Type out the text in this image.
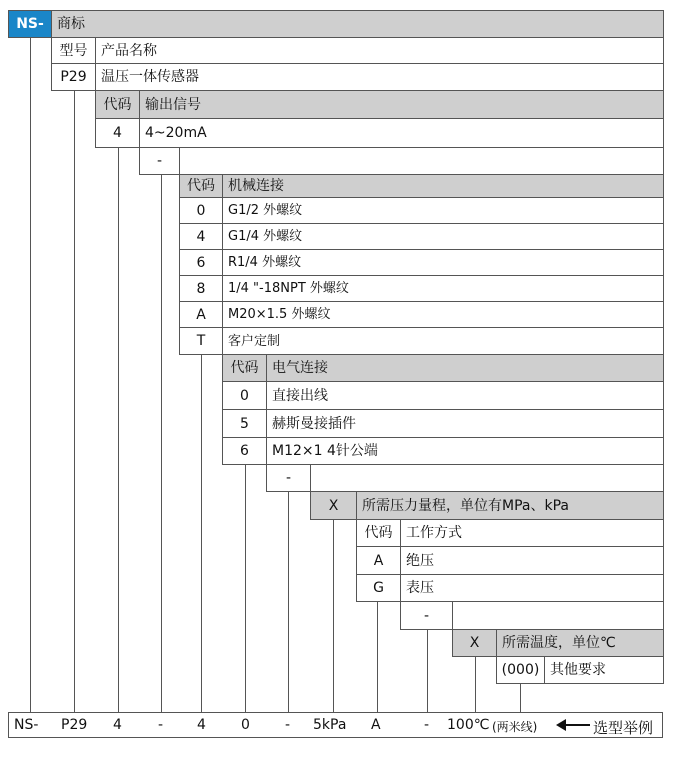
NS- 商标
型号 产品名称
P29	温压一体传感器
代码 输出信号
4	4~20mA
-
代码 机械连接
0	G1/2 外螺纹
4	G1/4 外螺纹
6	R1/4 外螺纹
8	1/4 "-18NPT 外螺纹
A	M20×1.5 外螺纹
T	客户定制
代码 电气连接
0	直接出线
5	赫斯曼接插件
6	M12×1 4针公端
-
X	所需压力量程，单位有MPa、kPa
代码 工作方式
A	绝压
G	表压
-
X	所需温度，单位℃
(000) 其他要求
NS- P29 4	- 4	0	- 5kPa A	- 100℃ (两米线)	选型举例
